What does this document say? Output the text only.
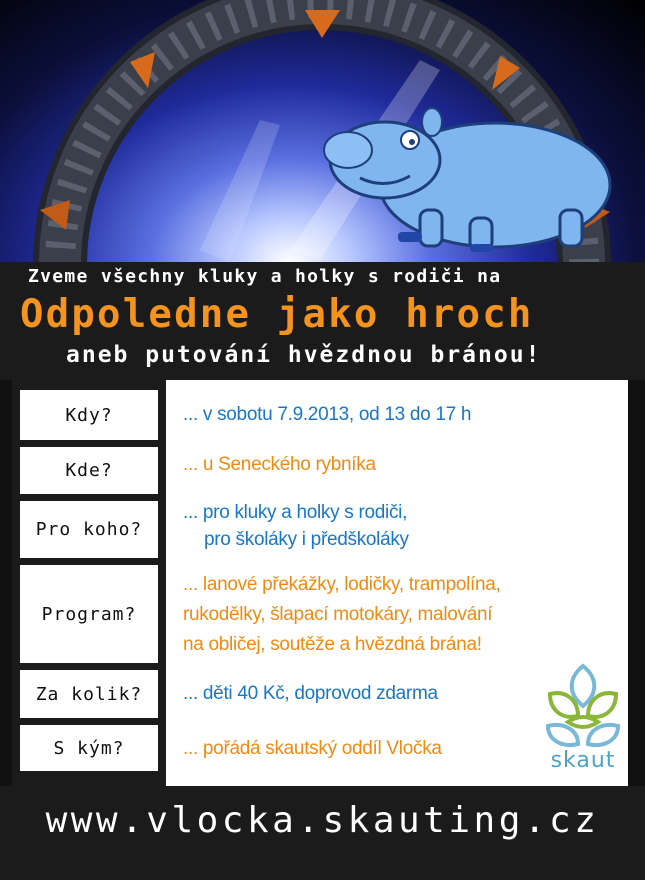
Zveme všechny kluky a holky s rodiči na
Odpoledne jako hroch
aneb putování hvězdnou bránou!
Kdy?
Kde?
Pro koho?
Program?
Za kolik?
S kým?
... v sobotu 7.9.2013, od 13 do 17 h
... u Seneckého rybníka
... pro kluky a holky s rodiči,
pro školáky i předškoláky
... lanové překážky, lodičky, trampolína,
rukodělky, šlapací motokáry, malování
na obličej, soutěže a hvězdná brána!
... děti 40 Kč, doprovod zdarma
... pořádá skautský oddíl Vločka	skaut
www.vlocka.skauting.cz
